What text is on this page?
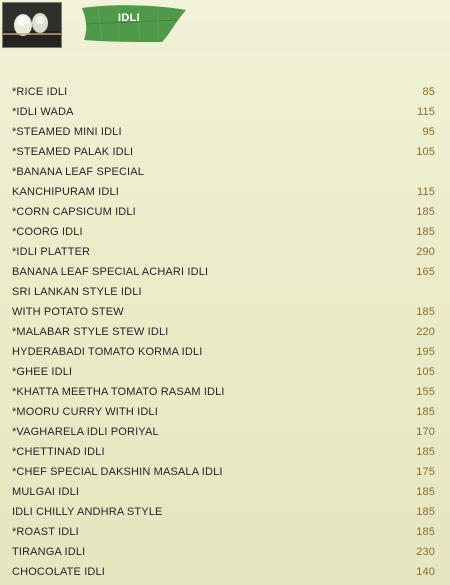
IDLI
*RICE IDLI	85
*IDLI WADA	115
*STEAMED MINI IDLI	95
*STEAMED PALAK IDLI	105
*BANANA LEAF SPECIAL
KANCHIPURAM IDLI	115
*CORN CAPSICUM IDLI	185
*COORG IDLI	185
*IDLI PLATTER	290
BANANA LEAF SPECIAL ACHARI IDLI	165
SRI LANKAN STYLE IDLI
WITH POTATO STEW	185
*MALABAR STYLE STEW IDLI	220
HYDERABADI TOMATO KORMA IDLI	195
*GHEE IDLI	105
*KHATTA MEETHA TOMATO RASAM IDLI	155
*MOORU CURRY WITH IDLI	185
*VAGHARELA IDLI PORIYAL	170
*CHETTINAD IDLI	185
*CHEF SPECIAL DAKSHIN MASALA IDLI	175
MULGAI IDLI	185
IDLI CHILLY ANDHRA STYLE	185
*ROAST IDLI	185
TIRANGA IDLI	230
CHOCOLATE IDLI	140
